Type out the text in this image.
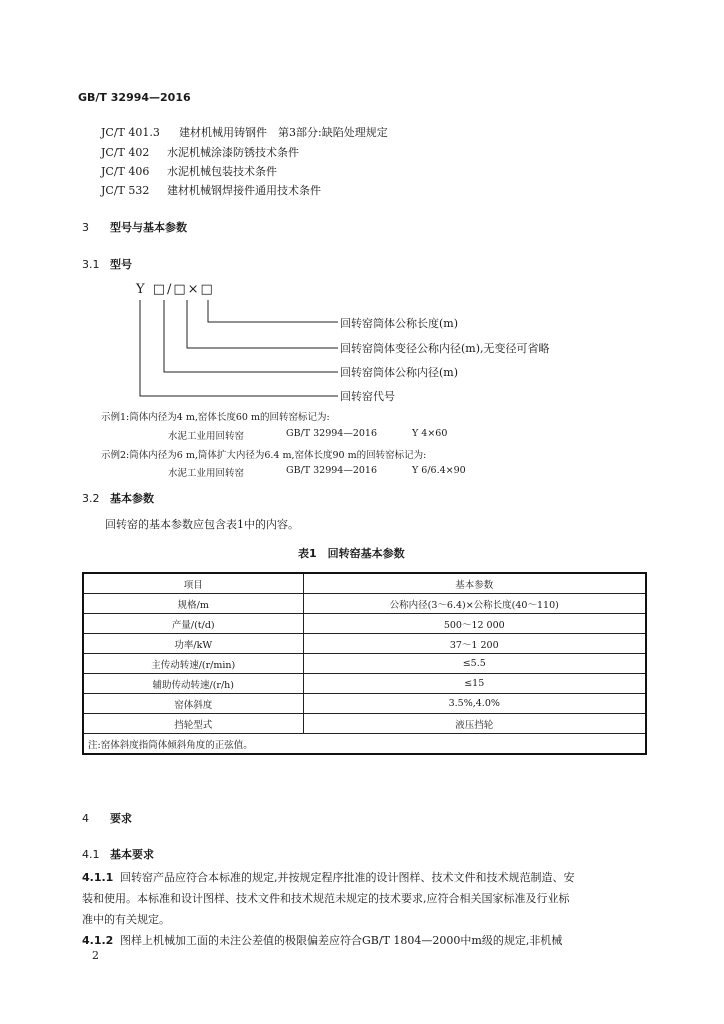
GB/T 32994—2016
JC/T 401.3 建材机械用铸钢件　第3部分:缺陷处理规定
JC/T 402 水泥机械涂漆防锈技术条件
JC/T 406 水泥机械包装技术条件
JC/T 532 建材机械钢焊接件通用技术条件
3 型号与基本参数
3.1 型号
Y □/□×□
回转窑筒体公称长度(m)
回转窑筒体变径公称内径(m),无变径可省略
回转窑筒体公称内径(m)
回转窑代号
示例1:筒体内径为4 m,窑体长度60 m的回转窑标记为:
水泥工业用回转窑	GB/T 32994—2016	Y 4×60
示例2:筒体内径为6 m,筒体扩大内径为6.4 m,窑体长度90 m的回转窑标记为:
水泥工业用回转窑	GB/T 32994—2016	Y 6/6.4×90
3.2 基本参数
回转窑的基本参数应包含表1中的内容。
表1　回转窑基本参数
项目	基本参数
规格/m	公称内径(3～6.4)×公称长度(40～110)
产量/(t/d)	500～12 000
功率/kW	37～1 200
主传动转速/(r/min)	≤5.5
辅助传动转速/(r/h)	≤15
窑体斜度	3.5%,4.0%
挡轮型式	液压挡轮
注:窑体斜度指筒体倾斜角度的正弦值。	
4 要求
4.1 基本要求
4.1.1 回转窑产品应符合本标准的规定,并按规定程序批准的设计图样、技术文件和技术规范制造、安
装和使用。本标准和设计图样、技术文件和技术规范未规定的技术要求,应符合相关国家标准及行业标
准中的有关规定。
4.1.2 图样上机械加工面的未注公差值的极限偏差应符合GB/T 1804—2000中m级的规定,非机械
2
